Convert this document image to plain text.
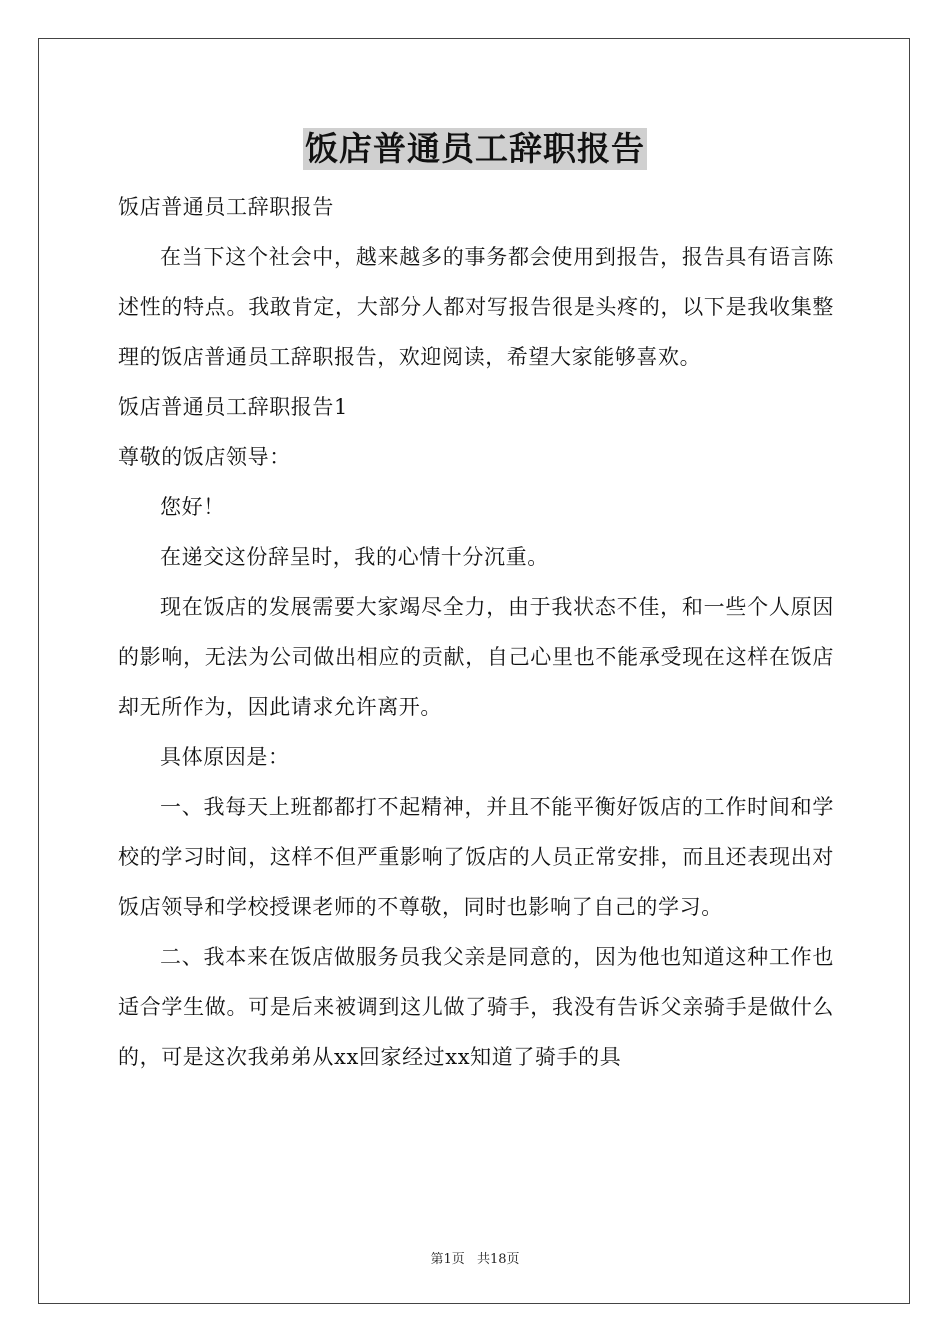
饭店普通员工辞职报告

饭店普通员工辞职报告

在当下这个社会中，越来越多的事务都会使用到报告，报告具有语言陈述性的特点。我敢肯定，大部分人都对写报告很是头疼的，以下是我收集整理的饭店普通员工辞职报告，欢迎阅读，希望大家能够喜欢。

饭店普通员工辞职报告1

尊敬的饭店领导：

您好！

在递交这份辞呈时，我的心情十分沉重。

现在饭店的发展需要大家竭尽全力，由于我状态不佳，和一些个人原因的影响，无法为公司做出相应的贡献，自己心里也不能承受现在这样在饭店却无所作为，因此请求允许离开。

具体原因是：

一、我每天上班都都打不起精神，并且不能平衡好饭店的工作时间和学校的学习时间，这样不但严重影响了饭店的人员正常安排，而且还表现出对饭店领导和学校授课老师的不尊敬，同时也影响了自己的学习。

二、我本来在饭店做服务员我父亲是同意的，因为他也知道这种工作也适合学生做。可是后来被调到这儿做了骑手，我没有告诉父亲骑手是做什么的，可是这次我弟弟从xx回家经过xx知道了骑手的具

第1页 共18页
